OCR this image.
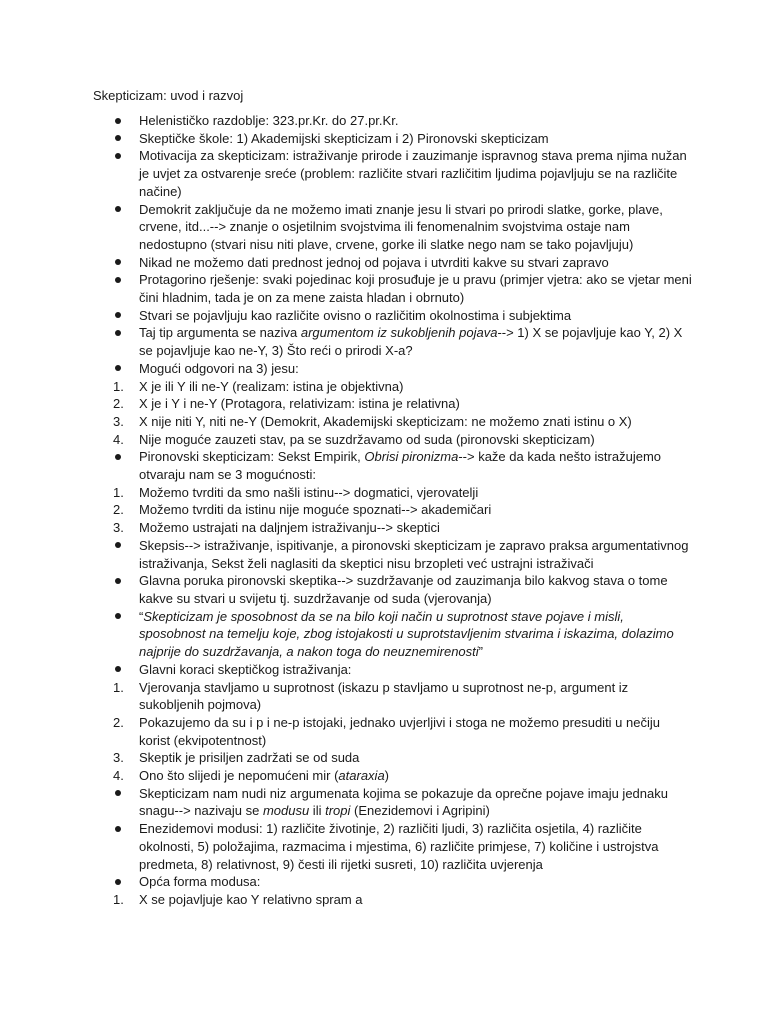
Skepticizam: uvod i razvoj
Helenističko razdoblje: 323.pr.Kr. do 27.pr.Kr.
Skeptičke škole: 1) Akademijski skepticizam i 2) Pironovski skepticizam
Motivacija za skepticizam: istraživanje prirode i zauzimanje ispravnog stava prema njima nužan je uvjet za ostvarenje sreće (problem: različite stvari različitim ljudima pojavljuju se na različite načine)
Demokrit zaključuje da ne možemo imati znanje jesu li stvari po prirodi slatke, gorke, plave, crvene, itd...--> znanje o osjetilnim svojstvima ili fenomenalnim svojstvima ostaje nam nedostupno (stvari nisu niti plave, crvene, gorke ili slatke nego nam se tako pojavljuju)
Nikad ne možemo dati prednost jednoj od pojava i utvrditi kakve su stvari zapravo
Protagorino rješenje: svaki pojedinac koji prosuđuje je u pravu (primjer vjetra: ako se vjetar meni čini hladnim, tada je on za mene zaista hladan i obrnuto)
Stvari se pojavljuju kao različite ovisno o različitim okolnostima i subjektima
Taj tip argumenta se naziva argumentom iz sukobljenih pojava--> 1) X se pojavljuje kao Y, 2) X se pojavljuje kao ne-Y, 3) Što reći o prirodi X-a?
Mogući odgovori na 3) jesu:
1. X je ili Y ili ne-Y (realizam: istina je objektivna)
2. X je i Y i ne-Y (Protagora, relativizam: istina je relativna)
3. X nije niti Y, niti ne-Y (Demokrit, Akademijski skepticizam: ne možemo znati istinu o X)
4. Nije moguće zauzeti stav, pa se suzdržavamo od suda (pironovski skepticizam)
Pironovski skepticizam: Sekst Empirik, Obrisi pironizma--> kaže da kada nešto istražujemo otvaraju nam se 3 mogućnosti:
1. Možemo tvrditi da smo našli istinu--> dogmatici, vjerovatelji
2. Možemo tvrditi da istinu nije moguće spoznati--> akademičari
3. Možemo ustrajati na daljnjem istraživanju--> skeptici
Skepsis--> istraživanje, ispitivanje, a pironovski skepticizam je zapravo praksa argumentativnog istraživanja, Sekst želi naglasiti da skeptici nisu brzopleti već ustrajni istraživači
Glavna poruka pironovski skeptika--> suzdržavanje od zauzimanja bilo kakvog stava o tome kakve su stvari u svijetu tj. suzdržavanje od suda (vjerovanja)
“Skepticizam je sposobnost da se na bilo koji način u suprotnost stave pojave i misli, sposobnost na temelju koje, zbog istojakosti u suprotstavljenim stvarima i iskazima, dolazimo najprije do suzdržavanja, a nakon toga do neuznemirenosti”
Glavni koraci skeptičkog istraživanja:
1. Vjerovanja stavljamo u suprotnost (iskazu p stavljamo u suprotnost ne-p, argument iz sukobljenih pojmova)
2. Pokazujemo da su i p i ne-p istojaki, jednako uvjerljivi i stoga ne možemo presuditi u nečiju korist (ekvipotentnost)
3. Skeptik je prisiljen zadržati se od suda
4. Ono što slijedi je nepomućeni mir (ataraxia)
Skepticizam nam nudi niz argumenata kojima se pokazuje da oprečne pojave imaju jednaku snagu--> nazivaju se modusu ili tropi (Enezidemovi i Agripini)
Enezidemovi modusi: 1) različite životinje, 2) različiti ljudi, 3) različita osjetila, 4) različite okolnosti, 5) položajima, razmacima i mjestima, 6) različite primjese, 7) količine i ustrojstva predmeta, 8) relativnost, 9) česti ili rijetki susreti, 10) različita uvjerenja
Opća forma modusa:
1. X se pojavljuje kao Y relativno spram a
